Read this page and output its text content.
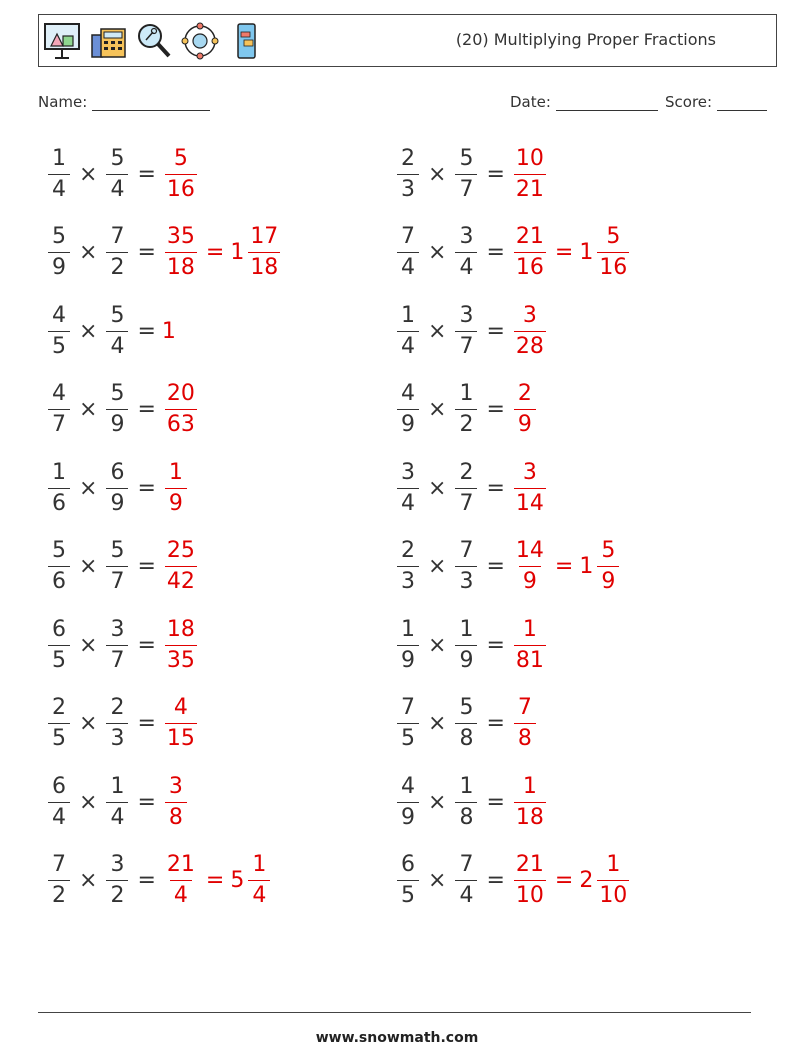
(20) Multiplying Proper Fractions
Name:	Date:	Score:
$\frac{1}{4} \times \frac{5}{4} = \frac{5}{16}$	$\frac{2}{3} \times \frac{5}{7} = \frac{10}{21}$
$\frac{5}{9} \times \frac{7}{2} = \frac{35}{18} = 1 \frac{17}{18}$	$\frac{7}{4} \times \frac{3}{4} = \frac{21}{16} = 1 \frac{5}{16}$
$\frac{4}{5} \times \frac{5}{4} = 1$	$\frac{1}{4} \times \frac{3}{7} = \frac{3}{28}$
$\frac{4}{7} \times \frac{5}{9} = \frac{20}{63}$	$\frac{4}{9} \times \frac{1}{2} = \frac{2}{9}$
$\frac{1}{6} \times \frac{6}{9} = \frac{1}{9}$	$\frac{3}{4} \times \frac{2}{7} = \frac{3}{14}$
$\frac{5}{6} \times \frac{5}{7} = \frac{25}{42}$	$\frac{2}{3} \times \frac{7}{3} = \frac{14}{9} = 1 \frac{5}{9}$
$\frac{6}{5} \times \frac{3}{7} = \frac{18}{35}$	$\frac{1}{9} \times \frac{1}{9} = \frac{1}{81}$
$\frac{2}{5} \times \frac{2}{3} = \frac{4}{15}$	$\frac{7}{5} \times \frac{5}{8} = \frac{7}{8}$
$\frac{6}{4} \times \frac{1}{4} = \frac{3}{8}$	$\frac{4}{9} \times \frac{1}{8} = \frac{1}{18}$
$\frac{7}{2} \times \frac{3}{2} = \frac{21}{4} = 5 \frac{1}{4}$	$\frac{6}{5} \times \frac{7}{4} = \frac{21}{10} = 2 \frac{1}{10}$
www.snowmath.com
